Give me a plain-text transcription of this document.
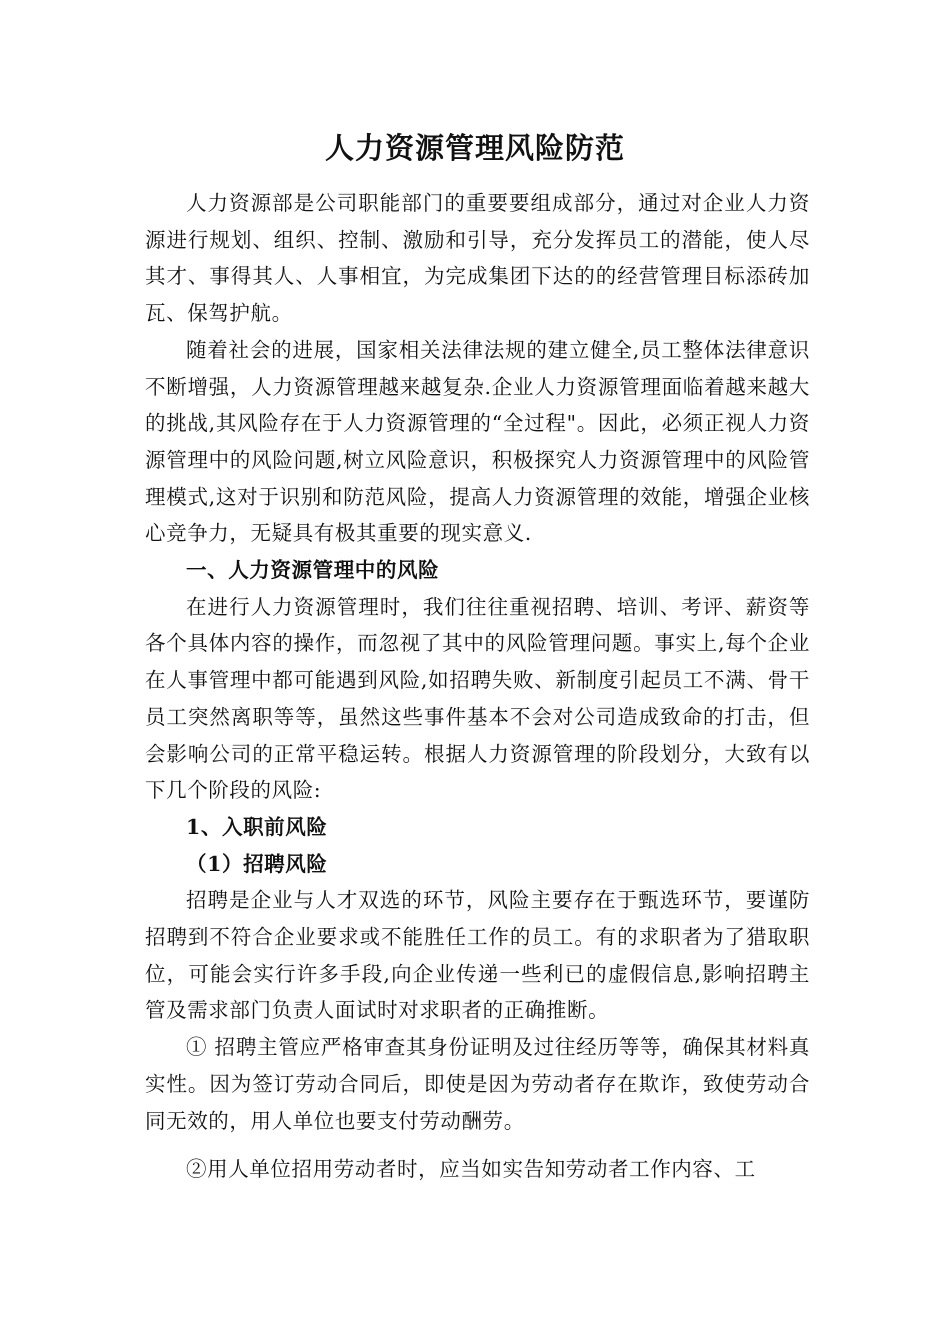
人力资源管理风险防范

人力资源部是公司职能部门的重要要组成部分，通过对企业人力资源进行规划、组织、控制、激励和引导，充分发挥员工的潜能，使人尽其才、事得其人、人事相宜，为完成集团下达的的经营管理目标添砖加瓦、保驾护航。

随着社会的进展，国家相关法律法规的建立健全,员工整体法律意识不断增强，人力资源管理越来越复杂.企业人力资源管理面临着越来越大的挑战,其风险存在于人力资源管理的“全过程"。因此，必须正视人力资源管理中的风险问题,树立风险意识，积极探究人力资源管理中的风险管理模式,这对于识别和防范风险，提高人力资源管理的效能，增强企业核心竞争力，无疑具有极其重要的现实意义.

一、人力资源管理中的风险

在进行人力资源管理时，我们往往重视招聘、培训、考评、薪资等各个具体内容的操作，而忽视了其中的风险管理问题。事实上,每个企业在人事管理中都可能遇到风险,如招聘失败、新制度引起员工不满、骨干员工突然离职等等，虽然这些事件基本不会对公司造成致命的打击，但会影响公司的正常平稳运转。根据人力资源管理的阶段划分，大致有以下几个阶段的风险:

1、入职前风险

（1）招聘风险

招聘是企业与人才双选的环节，风险主要存在于甄选环节，要谨防招聘到不符合企业要求或不能胜任工作的员工。有的求职者为了猎取职位，可能会实行许多手段,向企业传递一些利已的虚假信息,影响招聘主管及需求部门负责人面试时对求职者的正确推断。

① 招聘主管应严格审查其身份证明及过往经历等等，确保其材料真实性。因为签订劳动合同后，即使是因为劳动者存在欺诈，致使劳动合同无效的，用人单位也要支付劳动酬劳。

②用人单位招用劳动者时，应当如实告知劳动者工作内容、工
